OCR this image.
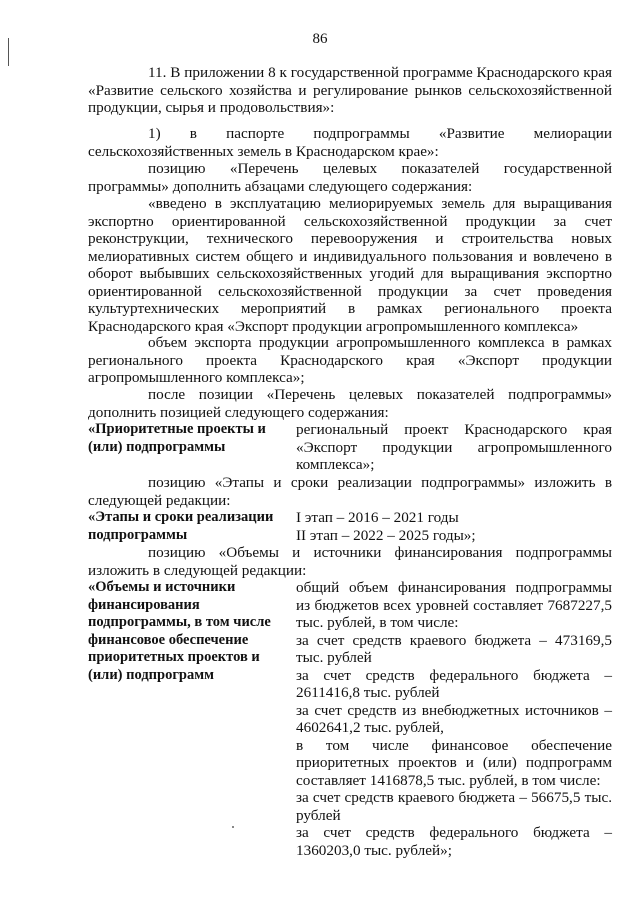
86

11. В приложении 8 к государственной программе Краснодарского края «Развитие сельского хозяйства и регулирование рынков сельскохозяйственной продукции, сырья и продовольствия»:

1) в паспорте подпрограммы «Развитие мелиорации сельскохозяйственных земель в Краснодарском крае»:

позицию «Перечень целевых показателей государственной программы» дополнить абзацами следующего содержания:

«введено в эксплуатацию мелиорируемых земель для выращивания экспортно ориентированной сельскохозяйственной продукции за счет реконструкции, технического перевооружения и строительства новых мелиоративных систем общего и индивидуального пользования и вовлечено в оборот выбывших сельскохозяйственных угодий для выращивания экспортно ориентированной сельскохозяйственной продукции за счет проведения культуртехнических мероприятий в рамках регионального проекта Краснодарского края «Экспорт продукции агропромышленного комплекса»

объем экспорта продукции агропромышленного комплекса в рамках регионального проекта Краснодарского края «Экспорт продукции агропромышленного комплекса»;

после позиции «Перечень целевых показателей подпрограммы» дополнить позицией следующего содержания:

«Приоритетные проекты и (или) подпрограммы
региональный проект Краснодарского края «Экспорт продукции агропромышленного комплекса»;

позицию «Этапы и сроки реализации подпрограммы» изложить в следующей редакции:

«Этапы и сроки реализации подпрограммы
I этап – 2016 – 2021 годы
II этап – 2022 – 2025 годы»;

позицию «Объемы и источники финансирования подпрограммы изложить в следующей редакции:

«Объемы и источники финансирования подпрограммы, в том числе финансовое обеспечение приоритетных проектов и (или) подпрограмм
общий объем финансирования подпрограммы из бюджетов всех уровней составляет 7687227,5 тыс. рублей, в том числе:
за счет средств краевого бюджета – 473169,5 тыс. рублей
за счет средств федерального бюджета – 2611416,8 тыс. рублей
за счет средств из внебюджетных источников – 4602641,2 тыс. рублей,
в том числе финансовое обеспечение приоритетных проектов и (или) подпрограмм составляет 1416878,5 тыс. рублей, в том числе:
за счет средств краевого бюджета – 56675,5 тыс. рублей
за счет средств федерального бюджета – 1360203,0 тыс. рублей»;
